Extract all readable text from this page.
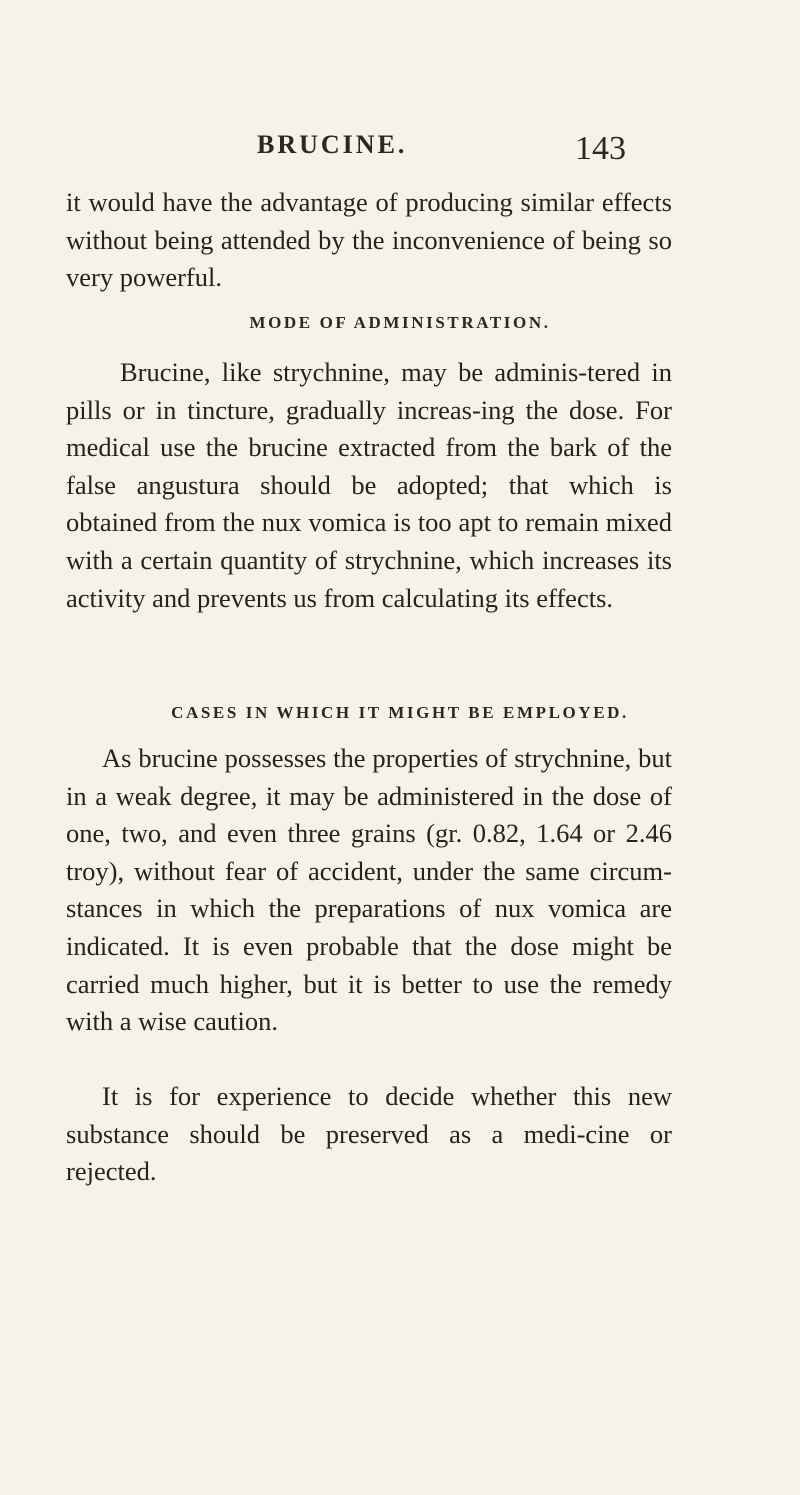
BRUCINE.	143
it would have the advantage of producing similar effects without being attended by the inconvenience of being so very powerful.
MODE OF ADMINISTRATION.
Brucine, like strychnine, may be adminis-tered in pills or in tincture, gradually increas-ing the dose. For medical use the brucine extracted from the bark of the false angustura should be adopted; that which is obtained from the nux vomica is too apt to remain mixed with a certain quantity of strychnine, which increases its activity and prevents us from calculating its effects.
CASES IN WHICH IT MIGHT BE EMPLOYED.
As brucine possesses the properties of strychnine, but in a weak degree, it may be administered in the dose of one, two, and even three grains (gr. 0.82, 1.64 or 2.46 troy), without fear of accident, under the same circum-stances in which the preparations of nux vomica are indicated. It is even probable that the dose might be carried much higher, but it is better to use the remedy with a wise caution.
It is for experience to decide whether this new substance should be preserved as a medi-cine or rejected.
